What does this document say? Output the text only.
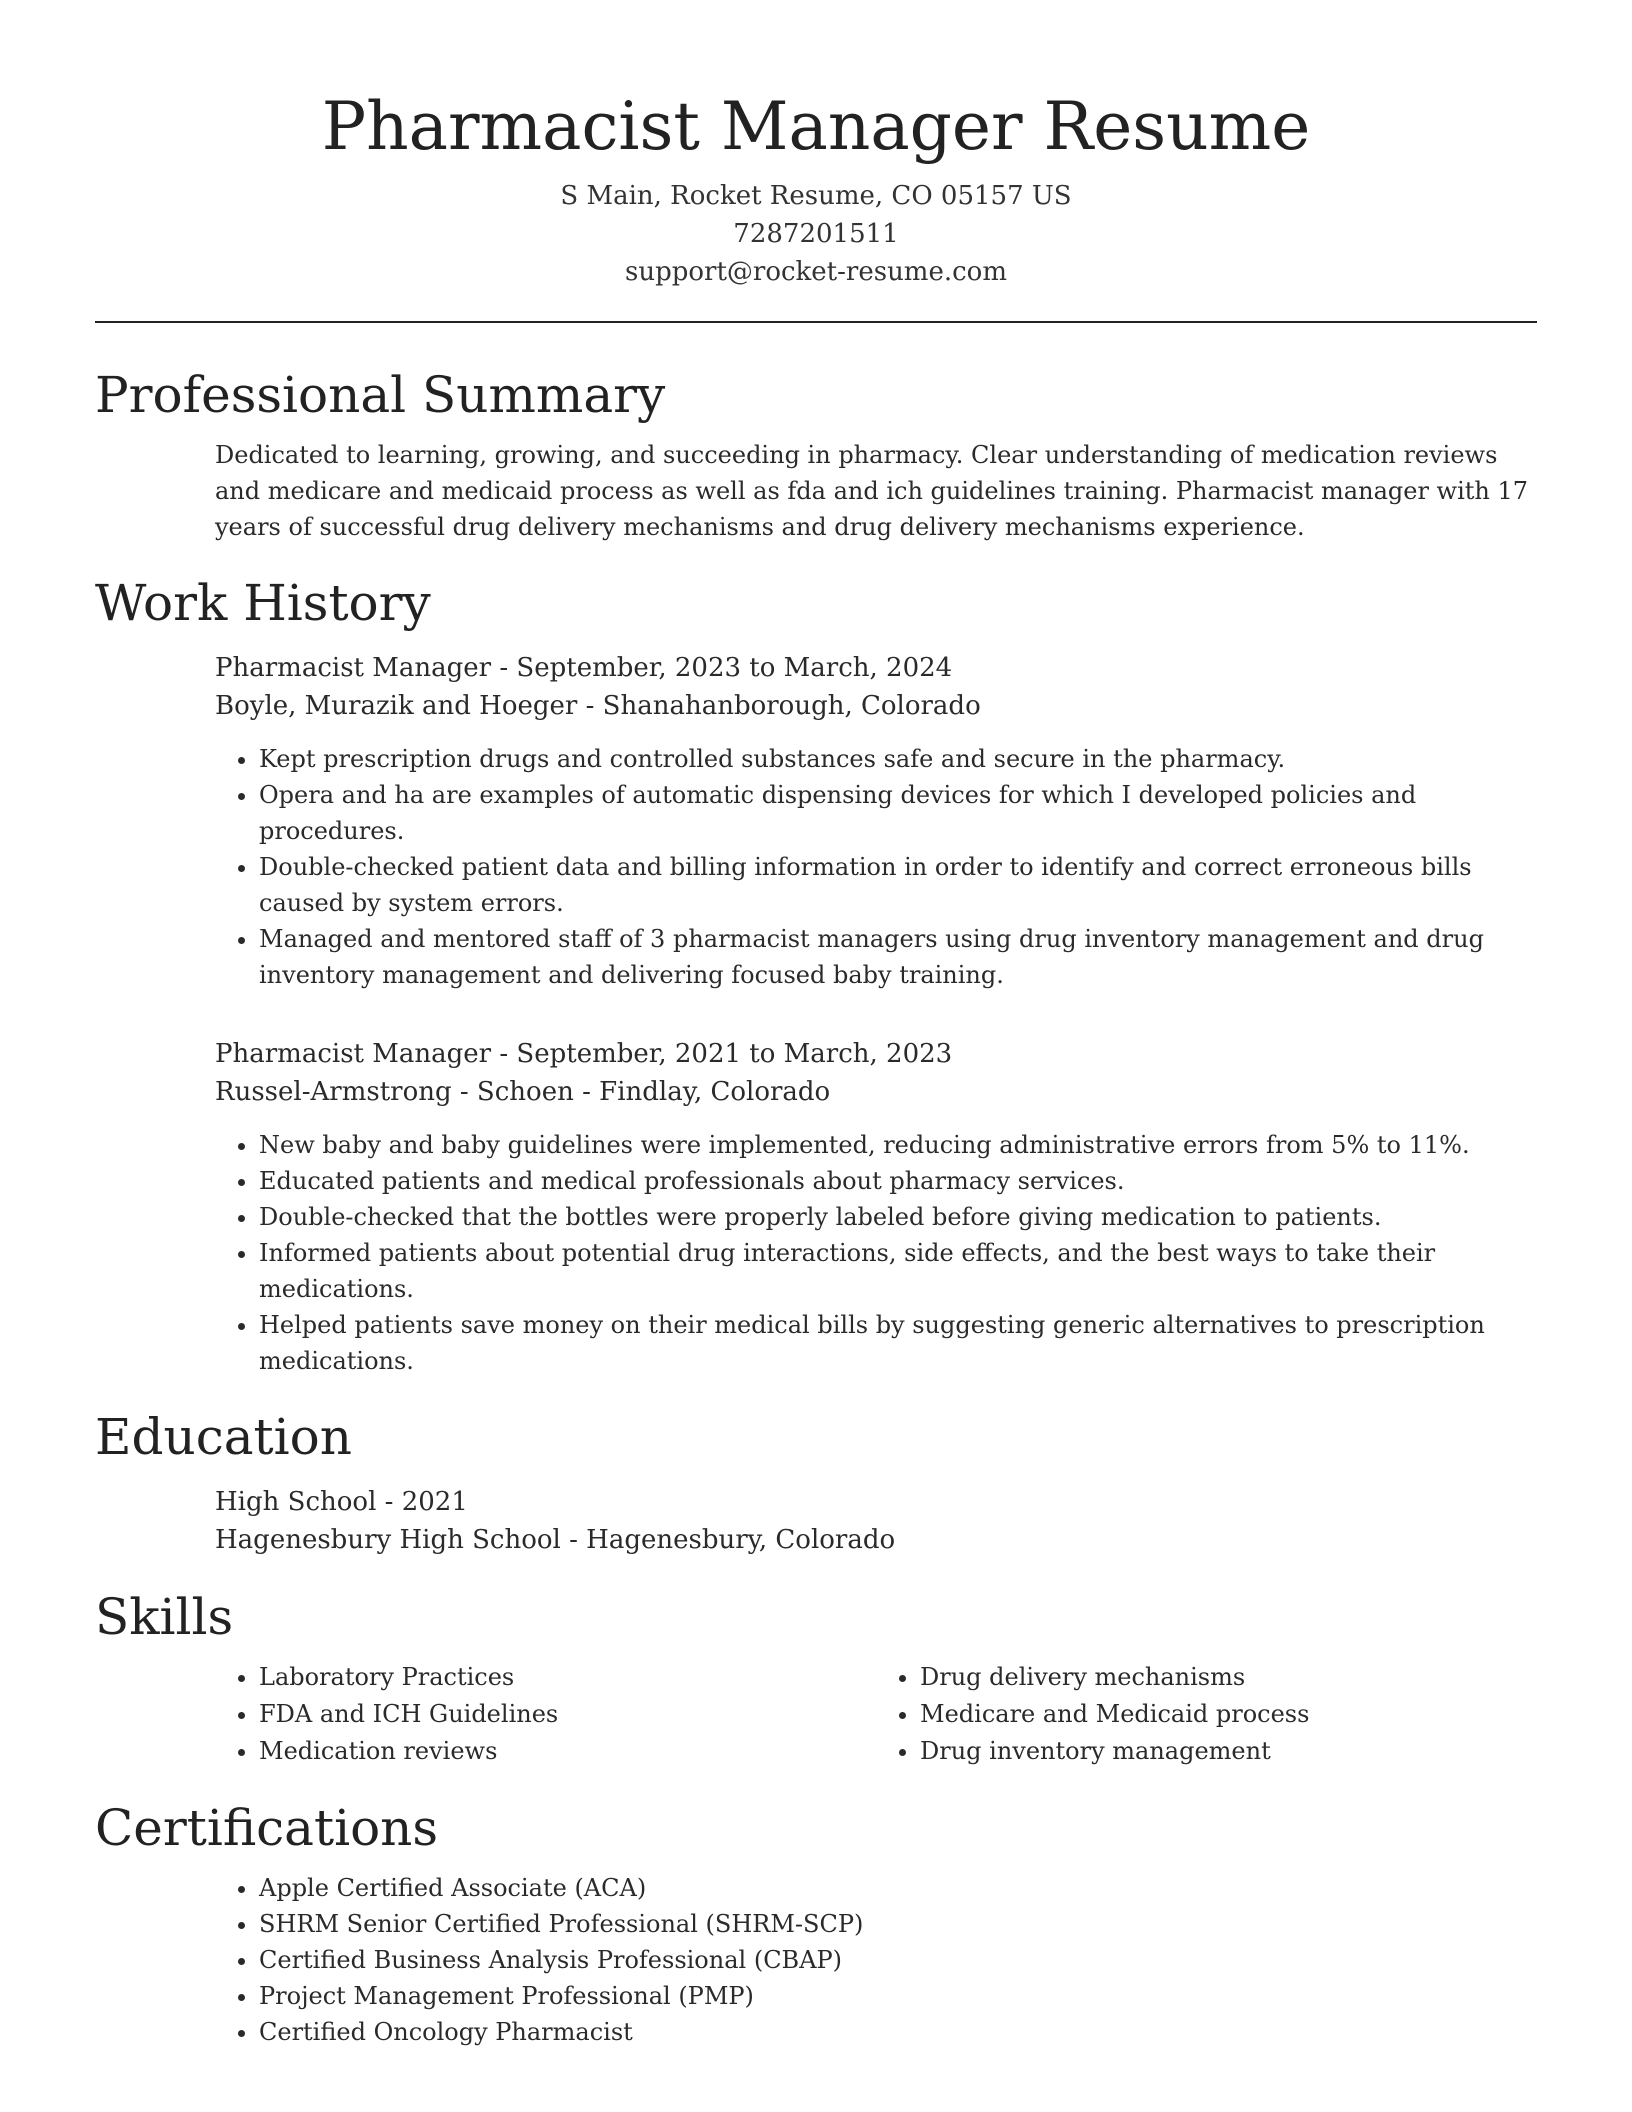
Pharmacist Manager Resume
S Main, Rocket Resume, CO 05157 US
7287201511
support@rocket-resume.com
Professional Summary
Dedicated to learning, growing, and succeeding in pharmacy. Clear understanding of medication reviews and medicare and medicaid process as well as fda and ich guidelines training. Pharmacist manager with 17 years of successful drug delivery mechanisms and drug delivery mechanisms experience.
Work History
Pharmacist Manager - September, 2023 to March, 2024
Boyle, Murazik and Hoeger - Shanahanborough, Colorado
• Kept prescription drugs and controlled substances safe and secure in the pharmacy.
• Opera and ha are examples of automatic dispensing devices for which I developed policies and procedures.
• Double-checked patient data and billing information in order to identify and correct erroneous bills caused by system errors.
• Managed and mentored staff of 3 pharmacist managers using drug inventory management and drug inventory management and delivering focused baby training.
Pharmacist Manager - September, 2021 to March, 2023
Russel-Armstrong - Schoen - Findlay, Colorado
• New baby and baby guidelines were implemented, reducing administrative errors from 5% to 11%.
• Educated patients and medical professionals about pharmacy services.
• Double-checked that the bottles were properly labeled before giving medication to patients.
• Informed patients about potential drug interactions, side effects, and the best ways to take their medications.
• Helped patients save money on their medical bills by suggesting generic alternatives to prescription medications.
Education
High School - 2021
Hagenesbury High School - Hagenesbury, Colorado
Skills
• Laboratory Practices
• FDA and ICH Guidelines
• Medication reviews
• Drug delivery mechanisms
• Medicare and Medicaid process
• Drug inventory management
Certifications
• Apple Certified Associate (ACA)
• SHRM Senior Certified Professional (SHRM-SCP)
• Certified Business Analysis Professional (CBAP)
• Project Management Professional (PMP)
• Certified Oncology Pharmacist
